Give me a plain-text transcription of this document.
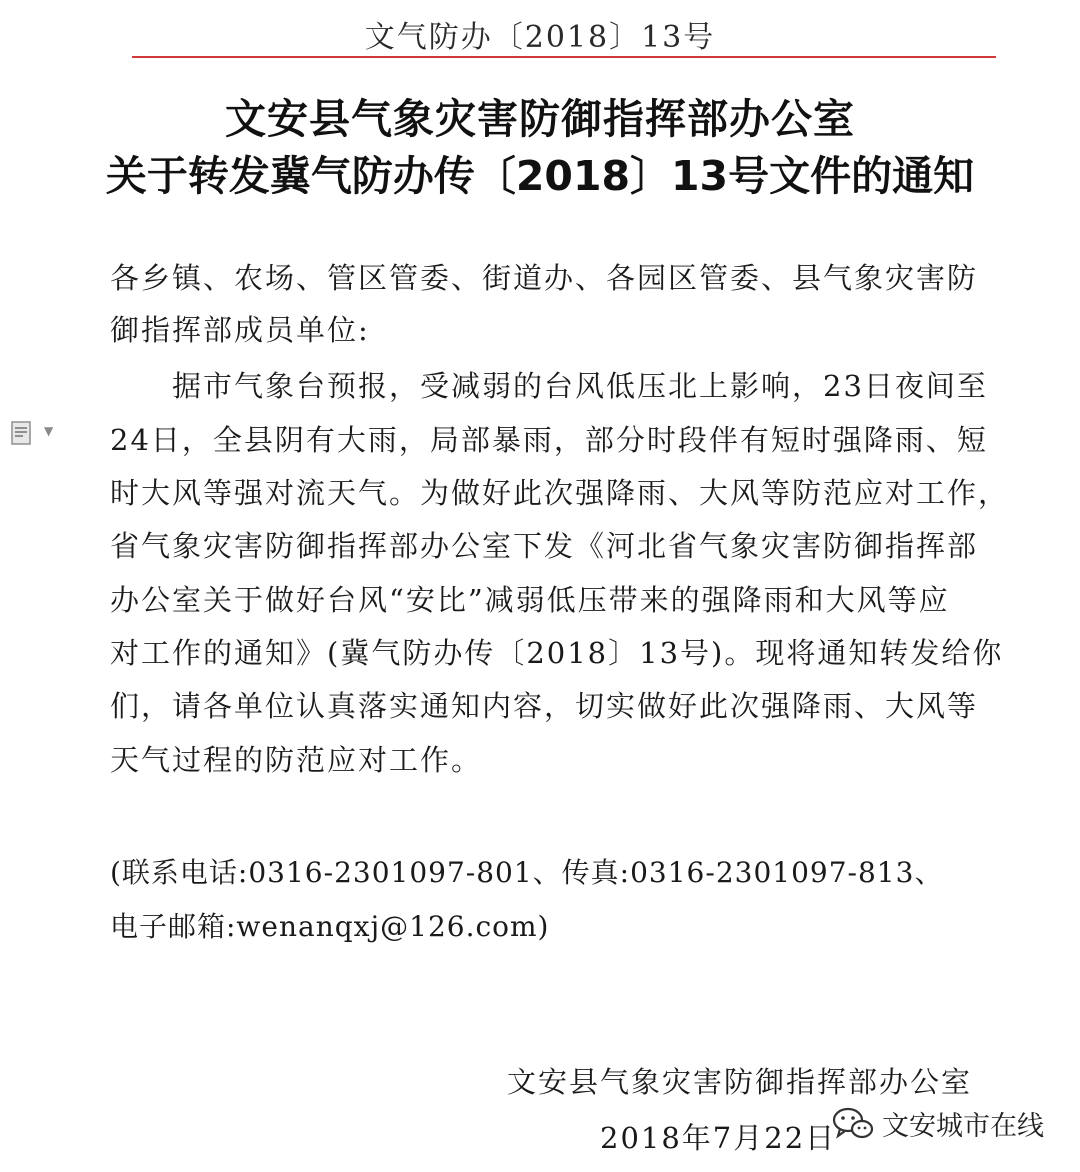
文气防办〔2018〕13号
文安县气象灾害防御指挥部办公室
关于转发冀气防办传〔2018〕13号文件的通知
▼
各乡镇、农场、管区管委、街道办、各园区管委、县气象灾害防
御指挥部成员单位:
据市气象台预报，受减弱的台风低压北上影响，23日夜间至
24日，全县阴有大雨，局部暴雨，部分时段伴有短时强降雨、短
时大风等强对流天气。为做好此次强降雨、大风等防范应对工作，
省气象灾害防御指挥部办公室下发《河北省气象灾害防御指挥部
办公室关于做好台风“安比”减弱低压带来的强降雨和大风等应
对工作的通知》(冀气防办传〔2018〕13号)。现将通知转发给你
们，请各单位认真落实通知内容，切实做好此次强降雨、大风等
天气过程的防范应对工作。
(联系电话:0316-2301097-801、传真:0316-2301097-813、
电子邮箱:wenanqxj@126.com)
文安县气象灾害防御指挥部办公室
2018年7月22日 文安城市在线
